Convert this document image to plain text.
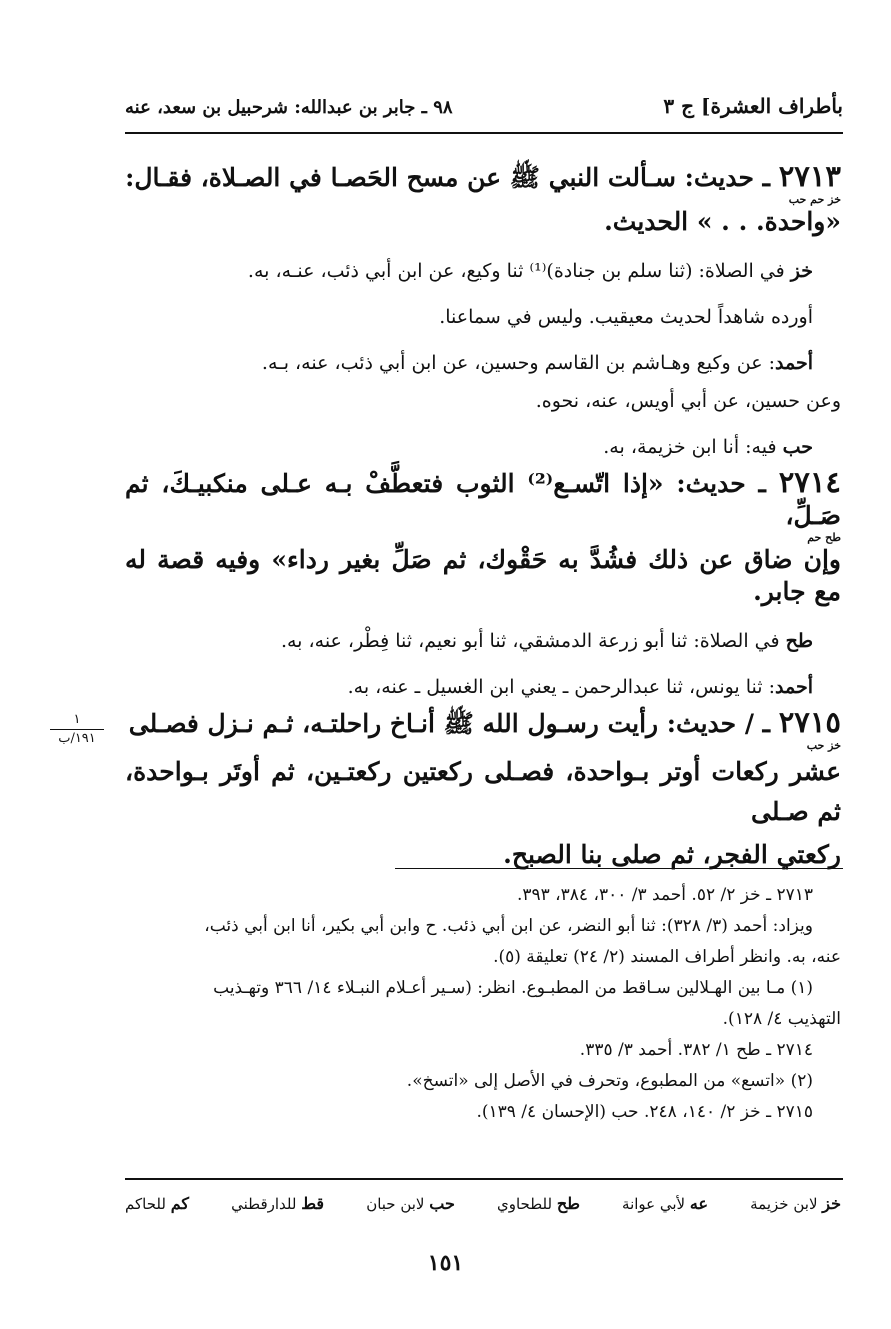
بأطراف العشرة] ج ٣
٩٨ ـ جابر بن عبدالله: شرحبيل بن سعد، عنه
٢٧١٣ ـ حديث: سـألت النبي ﷺ عن مسح الحَصـا في الصـلاة، فقـال:
خز حم حب
«واحدة. . . » الحديث.

خز في الصلاة: (ثنا سلم بن جنادة)⁽¹⁾ ثنا وكيع، عن ابن أبي ذئب، عنـه، به.

أورده شاهداً لحديث معيقيب. وليس في سماعنا.

أحمد: عن وكيع وهـاشم بن القاسم وحسين، عن ابن أبي ذئب، عنه، بـه.

وعن حسين، عن أبي أويس، عنه، نحوه.

حب فيه: أنا ابن خزيمة، به.

٢٧١٤ ـ حديث: «إذا اتّسـع⁽²⁾ الثوب فتعطَّفْ بـه عـلى منكبيـكَ، ثم صَـلِّ،
طح حم
وإن ضاق عن ذلك فشُدَّ به حَقْوك، ثم صَلِّ بغير رداء» وفيه قصة له مع جابر.

طح في الصلاة: ثنا أبو زرعة الدمشقي، ثنا أبو نعيم، ثنا فِطْر، عنه، به.

أحمد: ثنا يونس، ثنا عبدالرحمن ـ يعني ابن الغسيل ـ عنه، به.

٢٧١٥ ـ / حديث: رأيت رسـول الله ﷺ أنـاخ راحلتـه، ثـم نـزل فصـلى
خز حب
عشر ركعات أوتر بـواحدة، فصـلى ركعتين ركعتـين، ثم أوتَر بـواحدة، ثم صـلى
ركعتي الفجر، ثم صلى بنا الصبح.
١
١٩١/ب

٢٧١٣ ـ خز ٢/ ٥٢. أحمد ٣/ ٣٠٠، ٣٨٤، ٣٩٣.

ويزاد: أحمد (٣/ ٣٢٨): ثنا أبو النضر، عن ابن أبي ذئب. ح وابن أبي بكير، أنا ابن أبي ذئب،

عنه، به. وانظر أطراف المسند (٢/ ٢٤) تعليقة (٥).

(١) مـا بين الهـلالين سـاقط من المطبـوع. انظر: (سـير أعـلام النبـلاء ١٤/ ٣٦٦ وتهـذيب

التهذيب ٤/ ١٢٨).

٢٧١٤ ـ طح ١/ ٣٨٢. أحمد ٣/ ٣٣٥.

(٢) «اتسع» من المطبوع، وتحرف في الأصل إلى «اتسخ».

٢٧١٥ ـ خز ٢/ ١٤٠، ٢٤٨. حب (الإحسان ٤/ ١٣٩).

خز لابن خزيمة
عه لأبي عوانة
طح للطحاوي
حب لابن حبان
قط للدارقطني
كم للحاكم
١٥١
